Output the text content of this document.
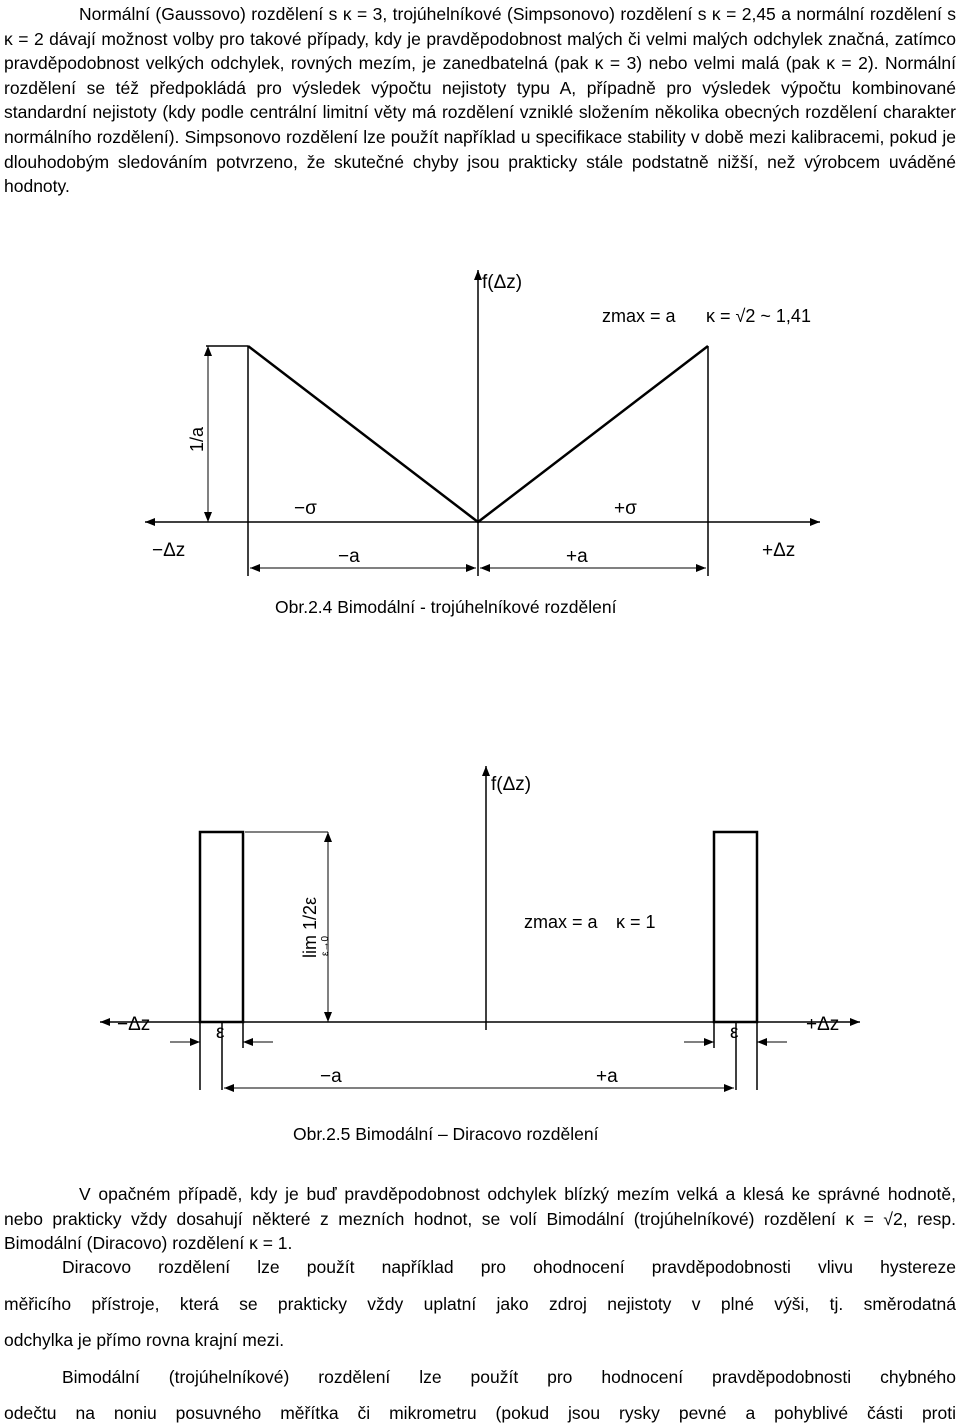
Normální (Gaussovo) rozdělení s κ = 3, trojúhelníkové (Simpsonovo) rozdělení s κ = 2,45 a normální rozdělení s κ = 2 dávají možnost volby pro takové případy, kdy je pravděpodobnost malých či velmi malých odchylek značná, zatímco pravděpodobnost velkých odchylek, rovných mezím, je zanedbatelná (pak κ = 3) nebo velmi malá (pak κ = 2). Normální rozdělení se též předpokládá pro výsledek výpočtu nejistoty typu A, případně pro výsledek výpočtu kombinované standardní nejistoty (kdy podle centrální limitní věty má rozdělení vzniklé složením několika obecných rozdělení charakter normálního rozdělení). Simpsonovo rozdělení lze použít například u specifikace stability v době mezi kalibracemi, pokud je dlouhodobým sledováním potvrzeno, že skutečné chyby jsou prakticky stále podstatně nižší, než výrobcem uváděné hodnoty.

f(Δz)
zmax = a κ = √2 ~ 1,41
1/a
−σ	+σ
−Δz	+Δz
−a	+a
Obr.2.4 Bimodální - trojúhelníkové rozdělení
f(Δz)
zmax = a κ = 1
lim 1/2ε ε→0
ε	ε
−Δz	+Δz
−a	+a
Obr.2.5 Bimodální – Diracovo rozdělení

V opačném případě, kdy je buď pravděpodobnost odchylek blízký mezím velká a klesá ke správné hodnotě, nebo prakticky vždy dosahují některé z mezních hodnot, se volí Bimodální (trojúhelníkové) rozdělení κ = √2, resp. Bimodální (Diracovo) rozdělení κ = 1.

Diracovo rozdělení lze použít například pro ohodnocení pravděpodobnosti vlivu hystereze
měřicího přístroje, která se prakticky vždy uplatní jako zdroj nejistoty v plné výši, tj. směrodatná
odchylka je přímo rovna krajní mezi.
Bimodální (trojúhelníkové) rozdělení lze použít pro hodnocení pravděpodobnosti chybného
odečtu na noniu posuvného měřítka či mikrometru (pokud jsou rysky pevné a pohyblivé části proti
